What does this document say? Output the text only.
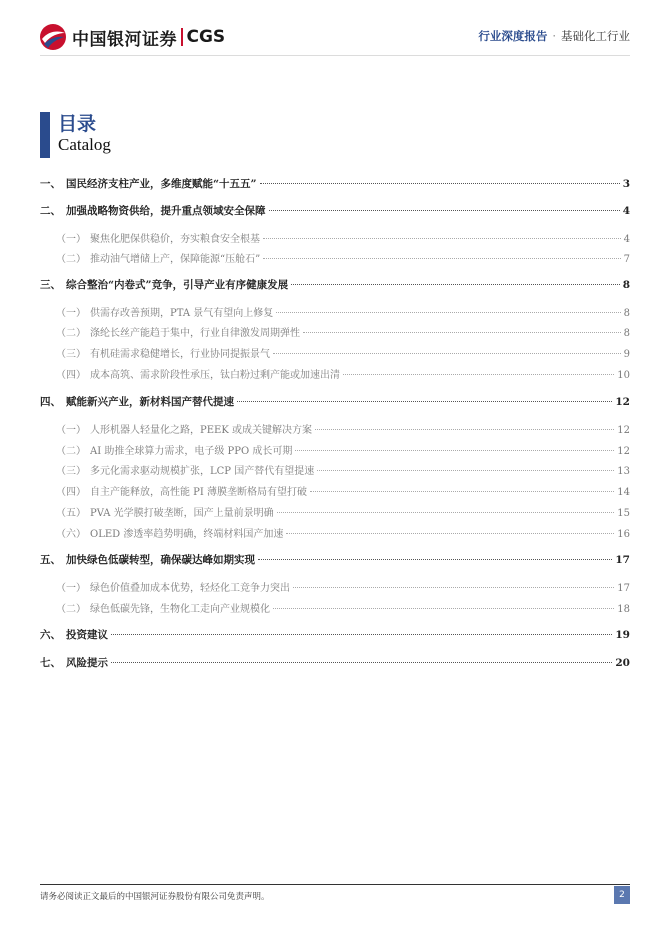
中国银河证券 CGS	行业深度报告 · 基础化工行业
目录
Catalog
一、 国民经济支柱产业，多维度赋能“十五五”	3
二、 加强战略物资供给，提升重点领域安全保障	4
（一） 聚焦化肥保供稳价，夯实粮食安全根基	4
（二） 推动油气增储上产，保障能源“压舱石”	7
三、 综合整治“内卷式”竞争，引导产业有序健康发展	8
（一） 供需存改善预期，PTA 景气有望向上修复	8
（二） 涤纶长丝产能趋于集中，行业自律激发周期弹性	8
（三） 有机硅需求稳健增长，行业协同提振景气	9
（四） 成本高筑、需求阶段性承压，钛白粉过剩产能或加速出清	10
四、 赋能新兴产业，新材料国产替代提速	12
（一） 人形机器人轻量化之路，PEEK 或成关键解决方案	12
（二） AI 助推全球算力需求，电子级 PPO 成长可期	12
（三） 多元化需求驱动规模扩张，LCP 国产替代有望提速	13
（四） 自主产能释放，高性能 PI 薄膜垄断格局有望打破	14
（五） PVA 光学膜打破垄断，国产上量前景明确	15
（六） OLED 渗透率趋势明确，终端材料国产加速	16
五、 加快绿色低碳转型，确保碳达峰如期实现	17
（一） 绿色价值叠加成本优势，轻烃化工竞争力突出	17
（二） 绿色低碳先锋，生物化工走向产业规模化	18
六、 投资建议	19
七、 风险提示	20
请务必阅读正文最后的中国银河证券股份有限公司免责声明。	2
